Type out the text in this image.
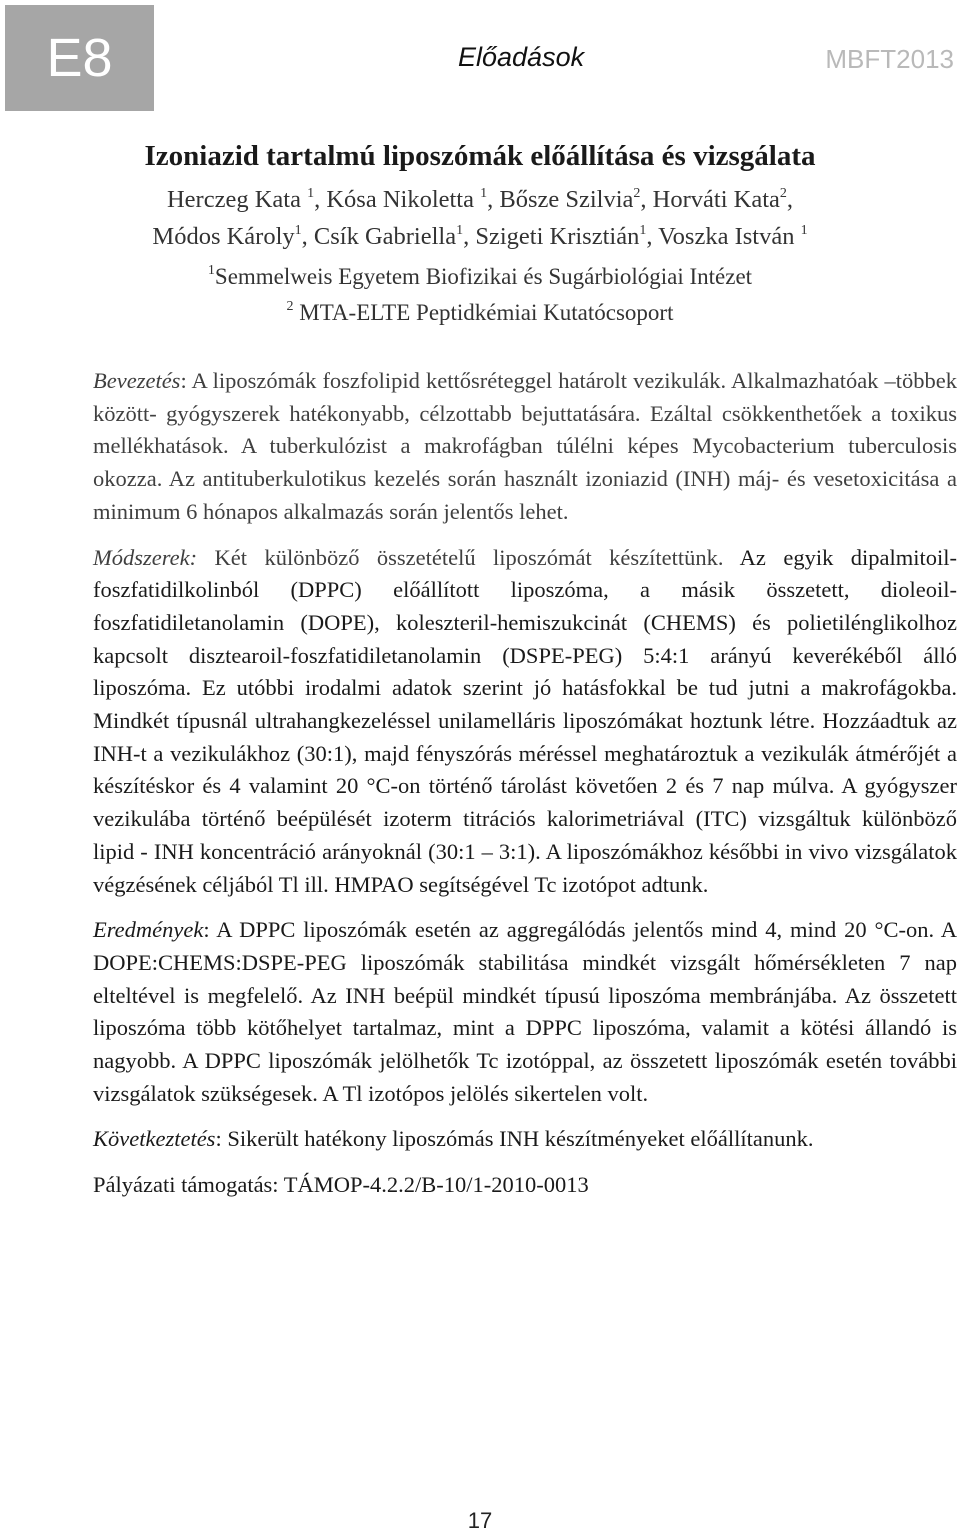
E8	Előadások	MBFT2013
Izoniazid tartalmú liposzómák előállítása és vizsgálata
Herczeg Kata $^1$, Kósa Nikoletta $^1$, Bősze Szilvia$^2$, Horváti Kata$^2$,
Módos Károly$^1$, Csík Gabriella$^1$, Szigeti Krisztián$^1$, Voszka István $^1$
$^1$Semmelweis Egyetem Biofizikai és Sugárbiológiai Intézet
$^2$ MTA-ELTE Peptidkémiai Kutatócsoport

Bevezetés: A liposzómák foszfolipid kettősréteggel határolt vezikulák. Alkalmazhatóak –többek között- gyógyszerek hatékonyabb, célzottabb bejuttatására. Ezáltal csökkenthetőek a toxikus mellékhatások. A tuberkulózist a makrofágban túlélni képes Mycobacterium tuberculosis okozza. Az antituberkulotikus kezelés során használt izoniazid (INH) máj- és vesetoxicitása a minimum 6 hónapos alkalmazás során jelentős lehet.

Módszerek: Két különböző összetételű liposzómát készítettünk. Az egyik dipalmitoil-foszfatidilkolinból (DPPC) előállított liposzóma, a másik összetett, dioleoil-foszfatidiletanolamin (DOPE), koleszteril-hemiszukcinát (CHEMS) és polietilénglikolhoz kapcsolt disztearoil-foszfatidiletanolamin (DSPE-PEG) 5:4:1 arányú keverékéből álló liposzóma. Ez utóbbi irodalmi adatok szerint jó hatásfokkal be tud jutni a makrofágokba. Mindkét típusnál ultrahangkezeléssel unilamelláris liposzómákat hoztunk létre. Hozzáadtuk az INH-t a vezikulákhoz (30:1), majd fényszórás méréssel meghatároztuk a vezikulák átmérőjét a készítéskor és 4 valamint 20 °C-on történő tárolást követően 2 és 7 nap múlva. A gyógyszer vezikulába történő beépülését izoterm titrációs kalorimetriával (ITC) vizsgáltuk különböző lipid - INH koncentráció arányoknál (30:1 – 3:1). A liposzómákhoz későbbi in vivo vizsgálatok végzésének céljából Tl ill. HMPAO segítségével Tc izotópot adtunk.

Eredmények: A DPPC liposzómák esetén az aggregálódás jelentős mind 4, mind 20 °C-on. A DOPE:CHEMS:DSPE-PEG liposzómák stabilitása mindkét vizsgált hőmérsékleten 7 nap elteltével is megfelelő. Az INH beépül mindkét típusú liposzóma membránjába. Az összetett liposzóma több kötőhelyet tartalmaz, mint a DPPC liposzóma, valamit a kötési állandó is nagyobb. A DPPC liposzómák jelölhetők Tc izotóppal, az összetett liposzómák esetén további vizsgálatok szükségesek. A Tl izotópos jelölés sikertelen volt.

Következtetés: Sikerült hatékony liposzómás INH készítményeket előállítanunk.

Pályázati támogatás: TÁMOP-4.2.2/B-10/1-2010-0013

17
